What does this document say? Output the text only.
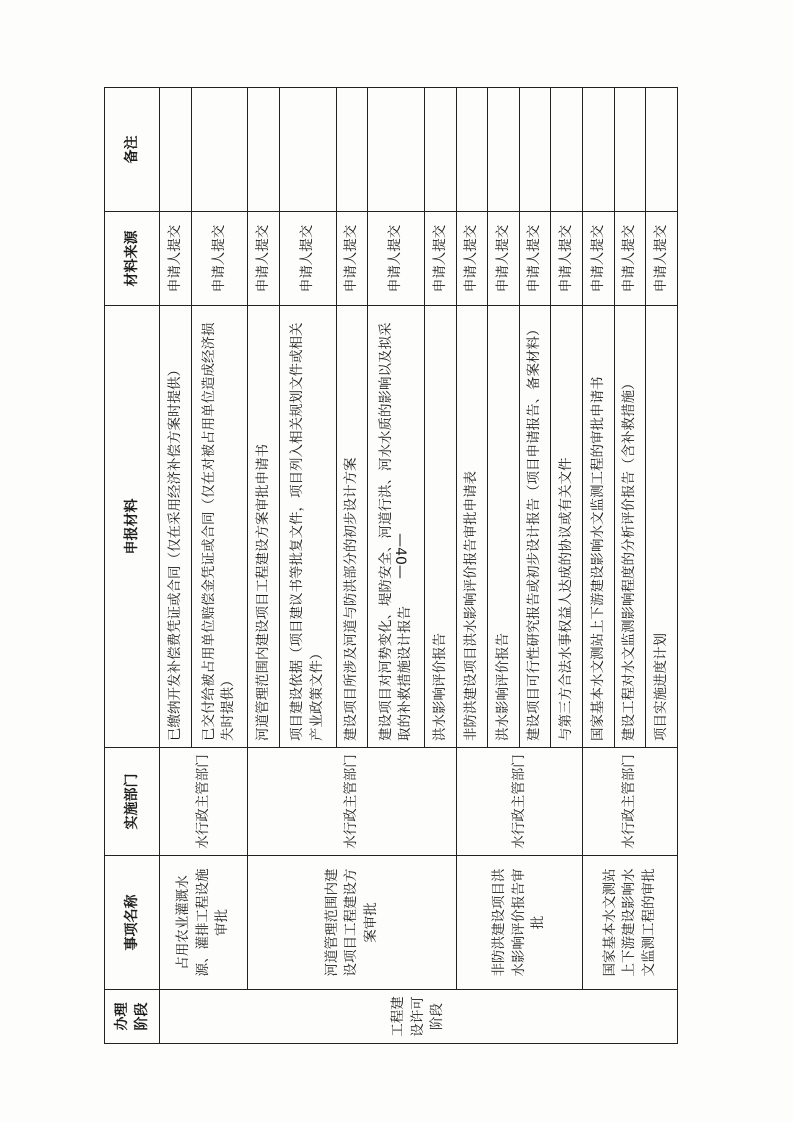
办理阶段	事项名称	实施部门	申报材料	材料来源	备注
工程建设许可阶段	占用农业灌溉水源、灌排工程设施审批	水行政主管部门	已缴纳开发补偿费凭证或合同（仅在采用经济补偿方案时提供）	申请人提交	
			已交付给被占用单位赔偿金凭证或合同（仅在对被占用单位造成经济损失时提供）	申请人提交	
	河道管理范围内建设项目工程建设方案审批	水行政主管部门	河道管理范围内建设项目工程建设方案审批申请书	申请人提交	
			项目建设依据（项目建议书等批复文件，项目列入相关规划文件或相关产业政策文件）	申请人提交	
			建设项目所涉及河道与防洪部分的初步设计方案	申请人提交	
			建设项目对河势变化、堤防安全、河道行洪、河水水质的影响以及拟采取的补救措施设计报告	申请人提交	
			洪水影响评价报告	申请人提交	
	非防洪建设项目洪水影响评价报告审批	水行政主管部门	非防洪建设项目洪水影响评价报告审批申请表	申请人提交	
			洪水影响评价报告	申请人提交	
			建设项目可行性研究报告或初步设计报告（项目申请报告、备案材料）	申请人提交	
			与第三方合法水事权益人达成的协议或有关文件	申请人提交	
	国家基本水文测站上下游建设影响水文监测工程的审批	水行政主管部门	国家基本水文测站上下游建设影响水文监测工程的审批申请书	申请人提交	
			建设工程对水文监测影响程度的分析评价报告（含补救措施）	申请人提交	
			项目实施进度计划	申请人提交	
—40—
